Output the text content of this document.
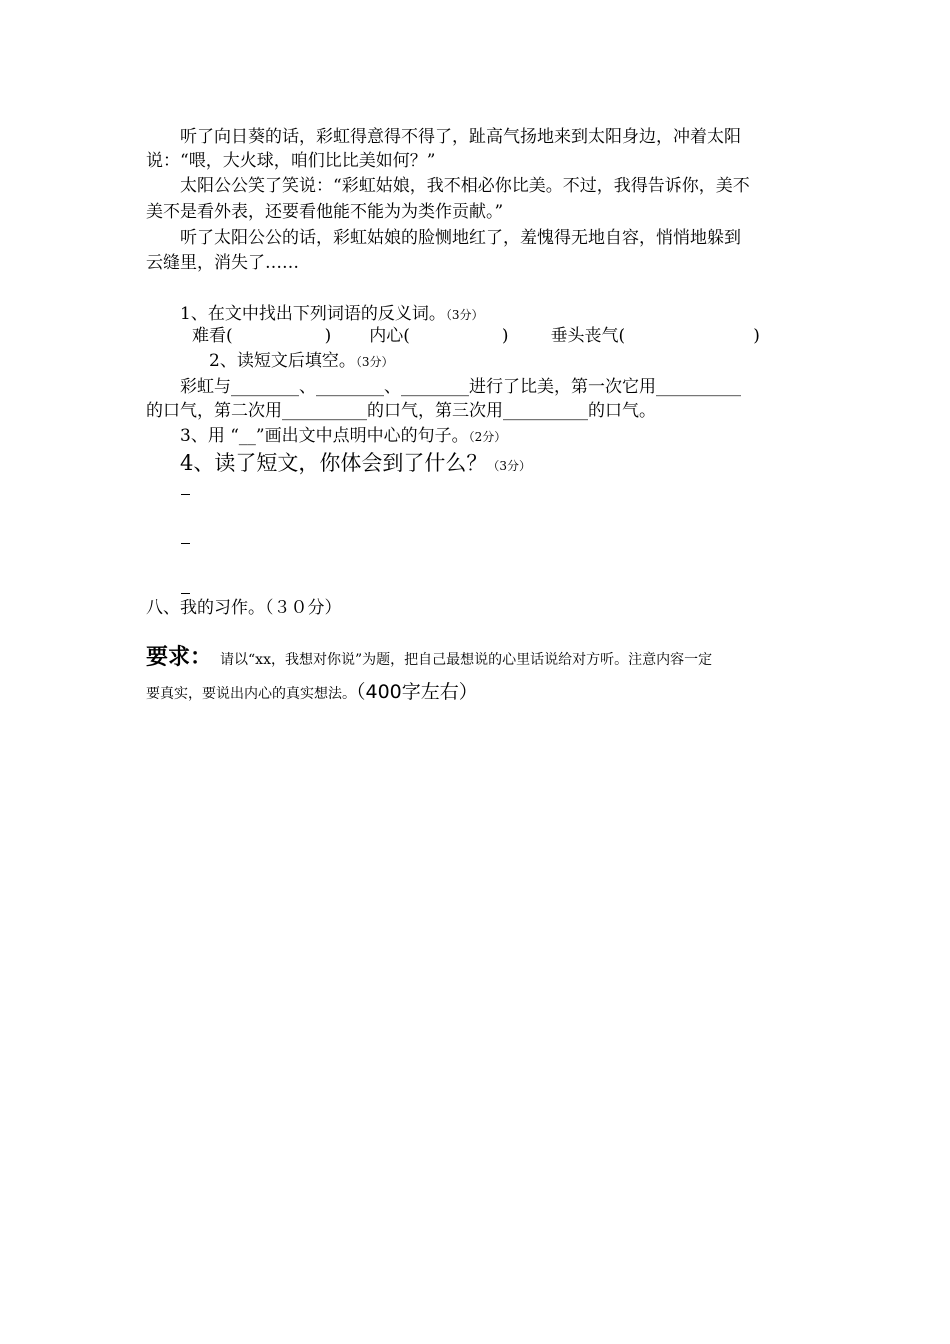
听了向日葵的话，彩虹得意得不得了，趾高气扬地来到太阳身边，冲着太阳
说：“喂，大火球，咱们比比美如何？”
太阳公公笑了笑说：“彩虹姑娘，我不相必你比美。不过，我得告诉你，美不
美不是看外表，还要看他能不能为为类作贡献。”
听了太阳公公的话，彩虹姑娘的脸恻地红了，羞愧得无地自容，悄悄地躲到
云缝里，消失了……
1、在文中找出下列词语的反义词。（3分）
难看(	) 内心(	) 垂头丧气(	)
2、读短文后填空。（3分）
彩虹与________、________、________进行了比美，第一次它用__________
的口气，第二次用__________的口气，第三次用__________的口气。
3、用 “__”画出文中点明中心的句子。（2分）
4、读了短文，你体会到了什么？（3分）
八、我的习作。（３０分）
要求： 请以“xx，我想对你说”为题，把自己最想说的心里话说给对方听。注意内容一定
要真实，要说出内心的真实想法。（400字左右）
